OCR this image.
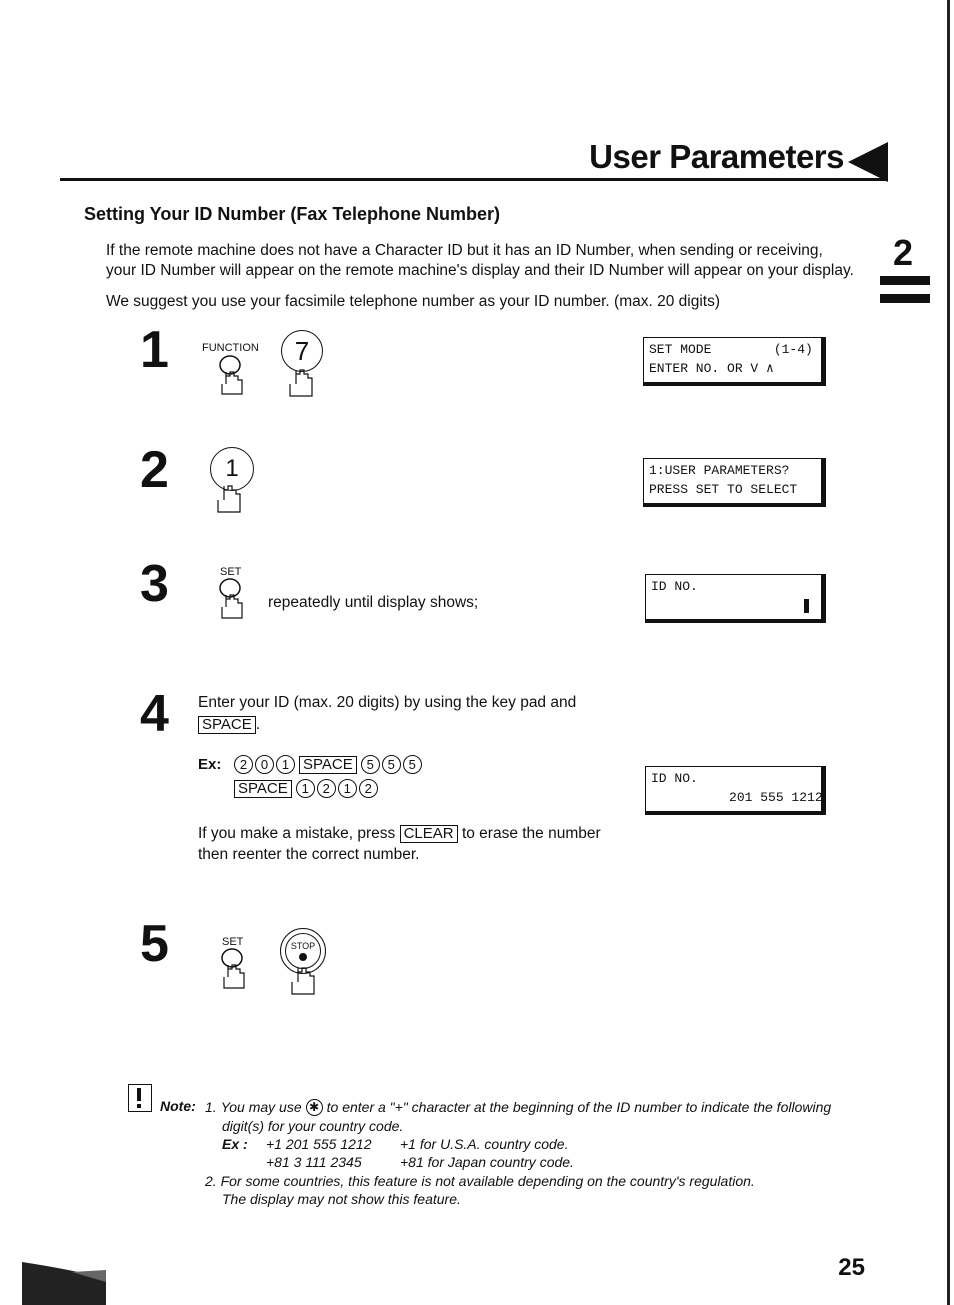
User Parameters
2
Setting Your ID Number (Fax Telephone Number)
If the remote machine does not have a Character ID but it has an ID Number, when sending or receiving, your ID Number will appear on the remote machine's display and their ID Number will appear on your display.
We suggest you use your facsimile telephone number as your ID number. (max. 20 digits)
1	FUNCTION 7	SET MODE        (1-4)
ENTER NO. OR V ∧
2 1	1:USER PARAMETERS?
PRESS SET TO SELECT
3	SET
repeatedly until display shows;
ID NO.
4 Enter your ID (max. 20 digits) by using the key pad and
SPACE .
Ex:	2	0	1 SPACE	5	5	5
SPACE	1	2	1	2
If you make a mistake, press CLEAR to erase the number
then reenter the correct number.
ID NO.
201 555 1212
5	SET	STOP
Note: 1. You may use ✱ to enter a "+" character at the beginning of the ID number to indicate the following
digit(s) for your country code.
Ex : +1 201 555 1212 +1 for U.S.A. country code.
+81 3 111 2345	+81 for Japan country code.
2. For some countries, this feature is not available depending on the country's regulation.
The display may not show this feature.
25
